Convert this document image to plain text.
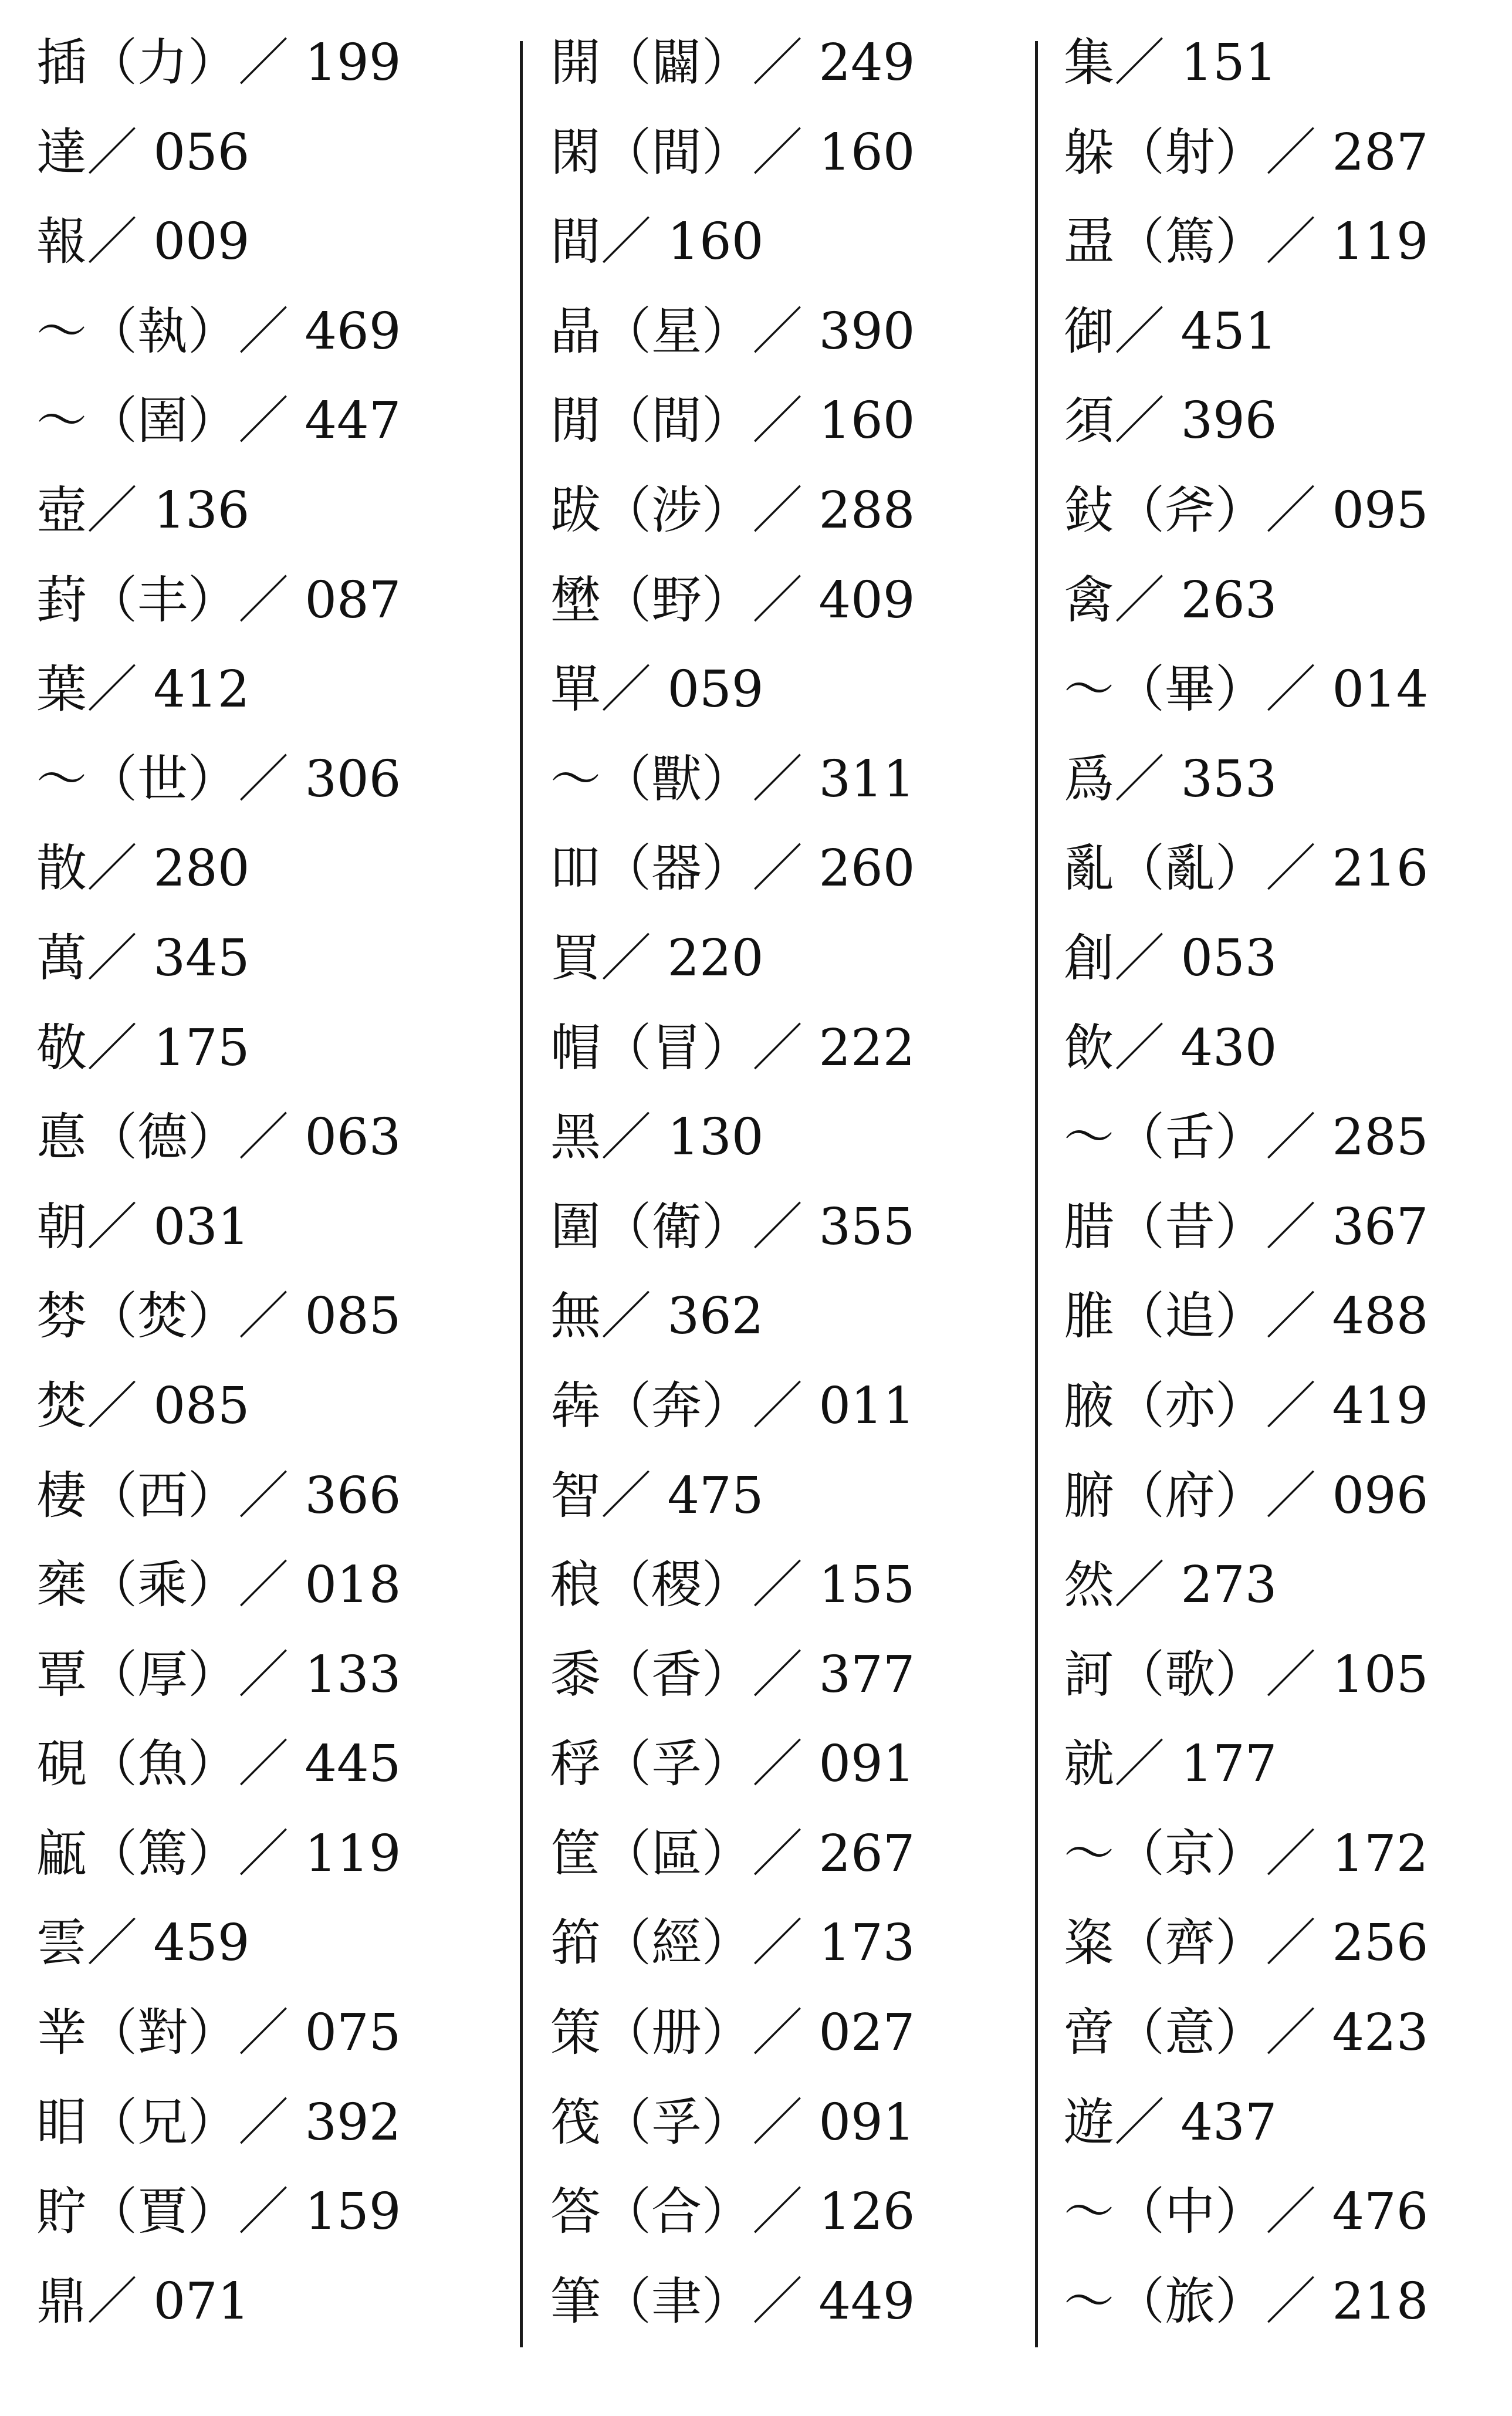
插（力）／ 199
達／ 056
報／ 009
～（執）／ 469
～（圉）／ 447
壺／ 136
葑（丰）／ 087
葉／ 412
～（世）／ 306
散／ 280
萬／ 345
敬／ 175
悳（德）／ 063
朝／ 031
棼（焚）／ 085
焚／ 085
棲（西）／ 366
椉（乘）／ 018
覃（厚）／ 133
硯（魚）／ 445
甂（篤）／ 119
雲／ 459
丵（對）／ 075
䀠（兄）／ 392
貯（賈）／ 159
鼎／ 071
開（闢）／ 249
閑（間）／ 160
間／ 160
晶（星）／ 390
閒（間）／ 160
跋（涉）／ 288
壄（野）／ 409
單／ 059
～（獸）／ 311
吅（器）／ 260
買／ 220
帽（冒）／ 222
黑／ 130
圍（衛）／ 355
無／ 362
犇（奔）／ 011
智／ 475
稂（稷）／ 155
黍（香）／ 377
稃（孚）／ 091
筐（區）／ 267
筘（經）／ 173
策（册）／ 027
筏（孚）／ 091
答（合）／ 126
筆（聿）／ 449
集／ 151
躲（射）／ 287
盄（篤）／ 119
御／ 451
須／ 396
鈙（斧）／ 095
禽／ 263
～（畢）／ 014
爲／ 353
亂（亂）／ 216
創／ 053
飲／ 430
～（舌）／ 285
腊（昔）／ 367
脽（追）／ 488
腋（亦）／ 419
腑（府）／ 096
然／ 273
訶（歌）／ 105
就／ 177
～（京）／ 172
粢（齊）／ 256
啻（意）／ 423
遊／ 437
～（中）／ 476
～（旅）／ 218
